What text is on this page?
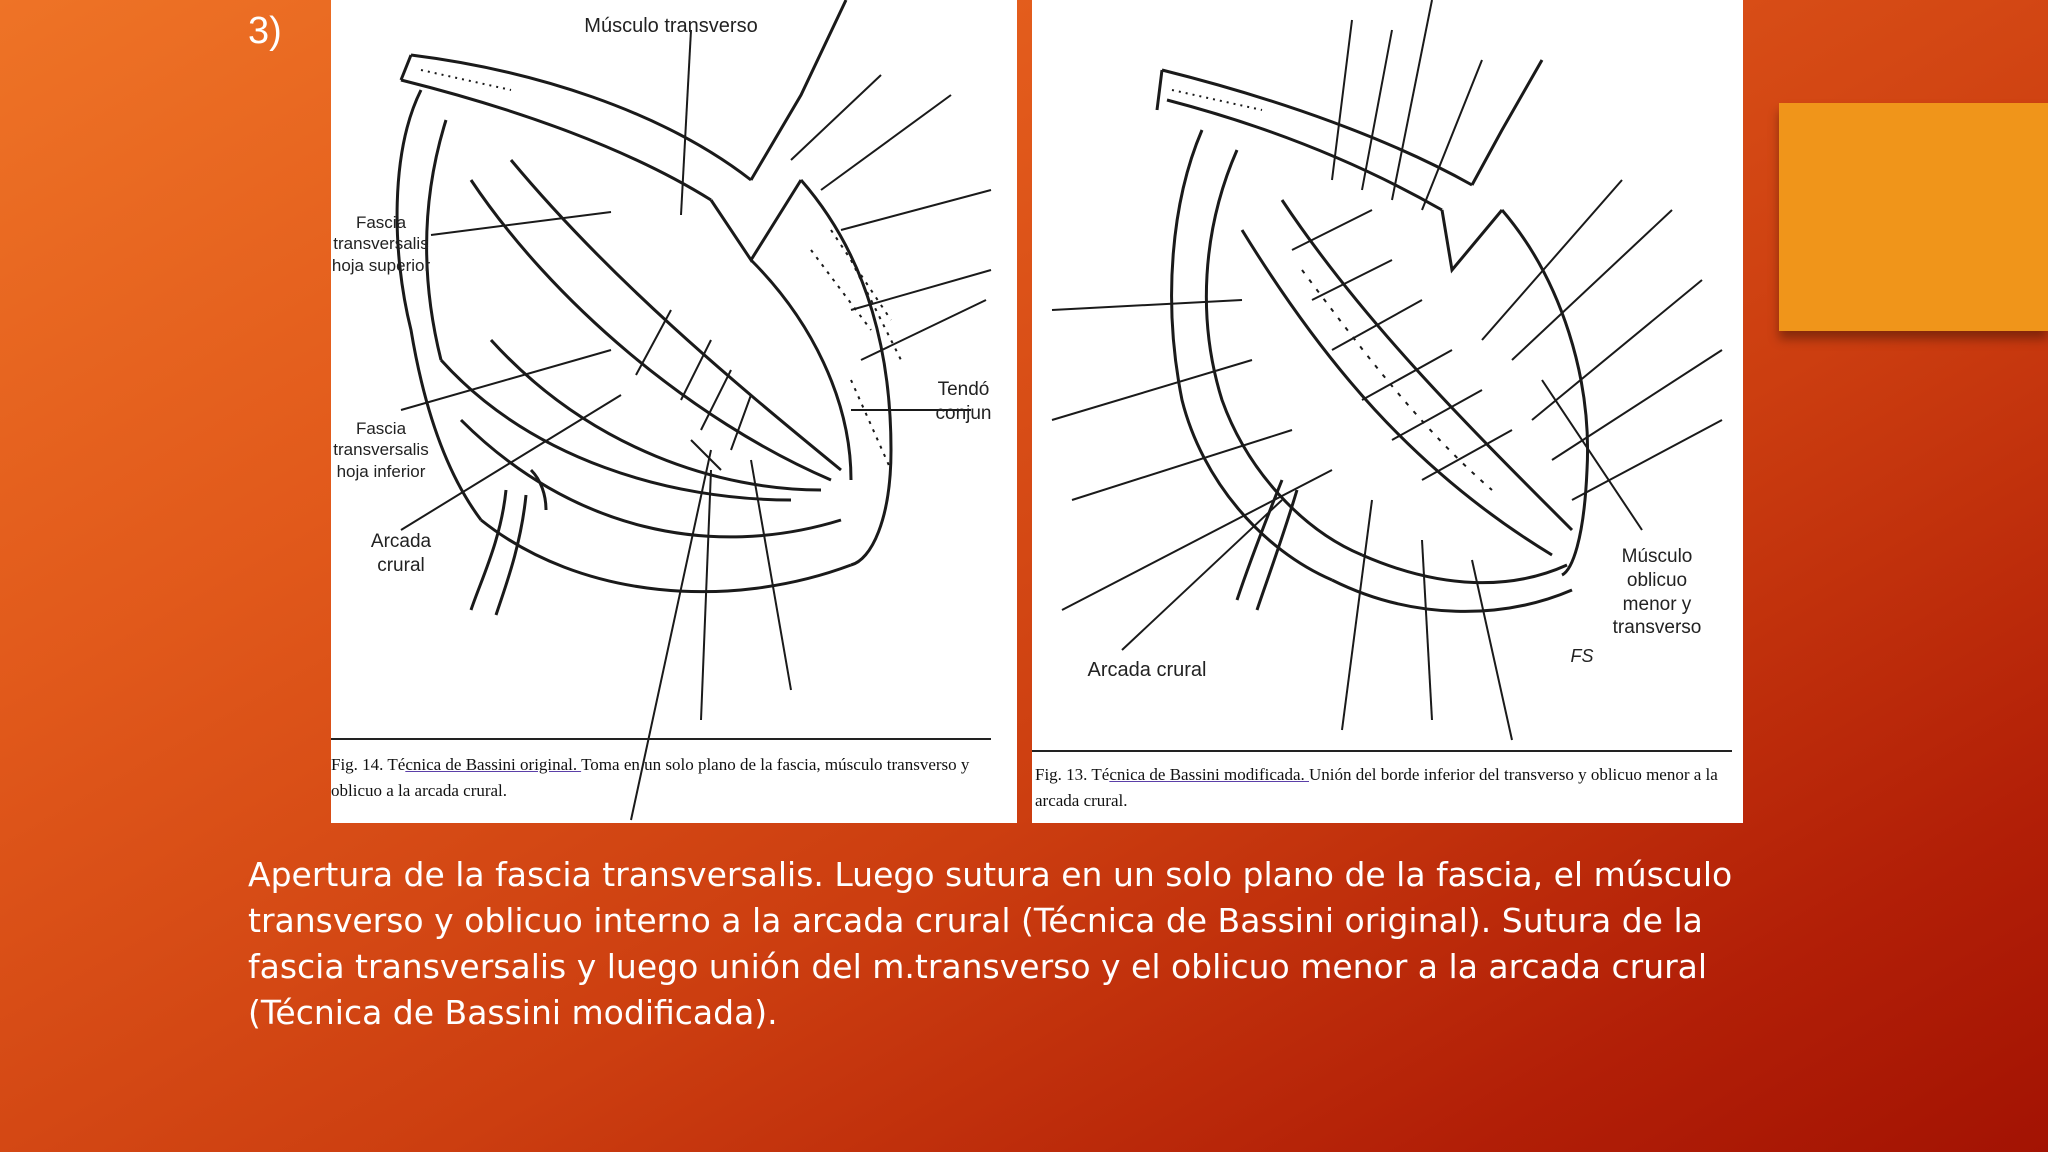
3)	Músculo transverso
Fascia transversalis hoja superior
Fascia transversalis hoja inferior
Arcada crural
Tendó conjun
Fig. 14. Técnica de Bassini original. Toma en un solo plano de la fascia, músculo transverso y oblicuo a la arcada crural.
Arcada crural
Músculo oblicuo menor y transverso
FS
Fig. 13. Técnica de Bassini modificada. Unión del borde inferior del transverso y oblicuo menor a la arcada crural.
Apertura de la fascia transversalis. Luego sutura en un solo plano de la fascia, el músculo transverso y oblicuo interno a la arcada crural (Técnica de Bassini original). Sutura de la fascia transversalis y luego unión del m.transverso y el oblicuo menor a la arcada crural (Técnica de Bassini modificada).
